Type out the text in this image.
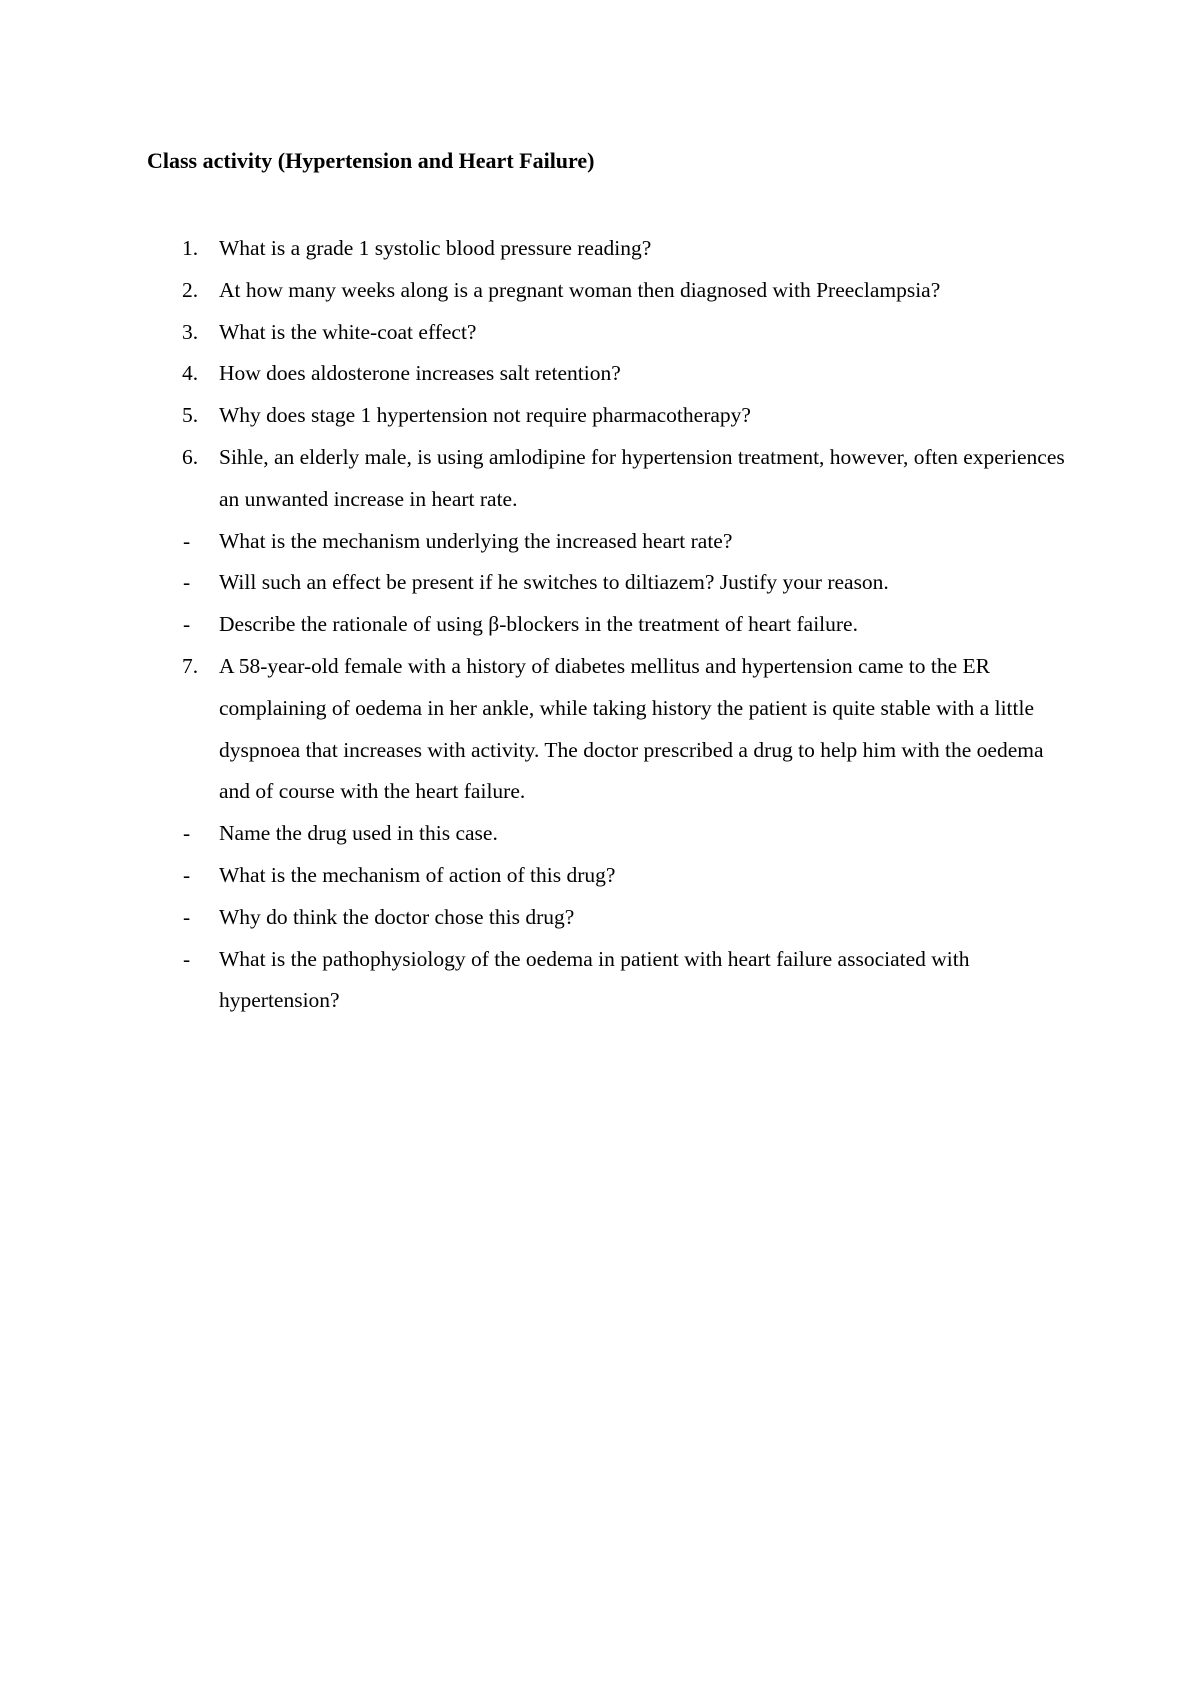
Class activity (Hypertension and Heart Failure)
1. What is a grade 1 systolic blood pressure reading?
2. At how many weeks along is a pregnant woman then diagnosed with Preeclampsia?
3. What is the white-coat effect?
4. How does aldosterone increases salt retention?
5. Why does stage 1 hypertension not require pharmacotherapy?
6. Sihle, an elderly male, is using amlodipine for hypertension treatment, however, often experiences an unwanted increase in heart rate.
- What is the mechanism underlying the increased heart rate?
- Will such an effect be present if he switches to diltiazem? Justify your reason.
- Describe the rationale of using β-blockers in the treatment of heart failure.
7. A 58-year-old female with a history of diabetes mellitus and hypertension came to the ER complaining of oedema in her ankle, while taking history the patient is quite stable with a little dyspnoea that increases with activity. The doctor prescribed a drug to help him with the oedema and of course with the heart failure.
- Name the drug used in this case.
- What is the mechanism of action of this drug?
- Why do think the doctor chose this drug?
- What is the pathophysiology of the oedema in patient with heart failure associated with hypertension?
